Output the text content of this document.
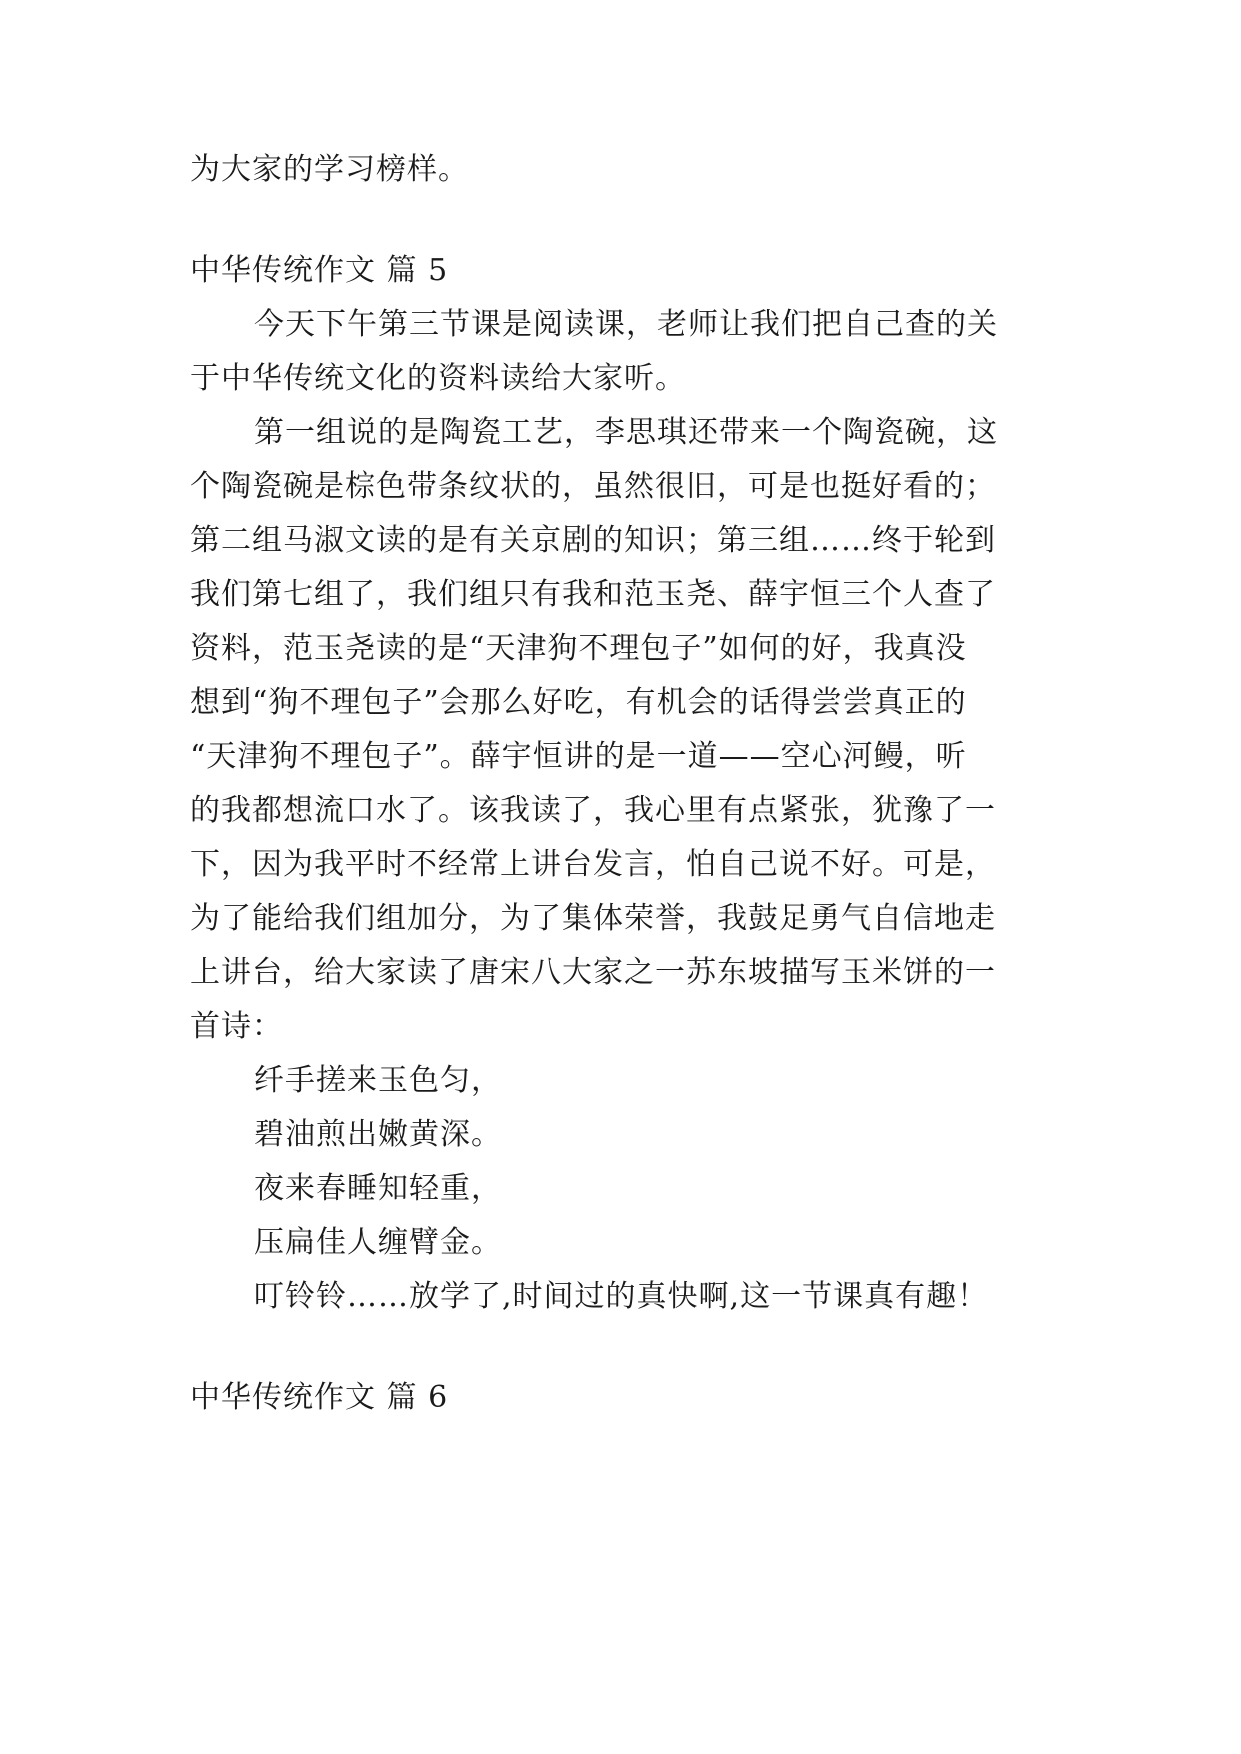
为大家的学习榜样。
中华传统作文 篇 5
今天下午第三节课是阅读课，老师让我们把自己查的关
于中华传统文化的资料读给大家听。
第一组说的是陶瓷工艺，李思琪还带来一个陶瓷碗，这
个陶瓷碗是棕色带条纹状的，虽然很旧，可是也挺好看的；
第二组马淑文读的是有关京剧的知识；第三组……终于轮到
我们第七组了，我们组只有我和范玉尧、薛宇恒三个人查了
资料，范玉尧读的是“天津狗不理包子”如何的好，我真没
想到“狗不理包子”会那么好吃，有机会的话得尝尝真正的
“天津狗不理包子”。薛宇恒讲的是一道——空心河鳗，听
的我都想流口水了。该我读了，我心里有点紧张，犹豫了一
下，因为我平时不经常上讲台发言，怕自己说不好。可是，
为了能给我们组加分，为了集体荣誉，我鼓足勇气自信地走
上讲台，给大家读了唐宋八大家之一苏东坡描写玉米饼的一
首诗：
纤手搓来玉色匀，
碧油煎出嫩黄深。
夜来春睡知轻重，
压扁佳人缠臂金。
叮铃铃……放学了,时间过的真快啊,这一节课真有趣！
中华传统作文 篇 6
